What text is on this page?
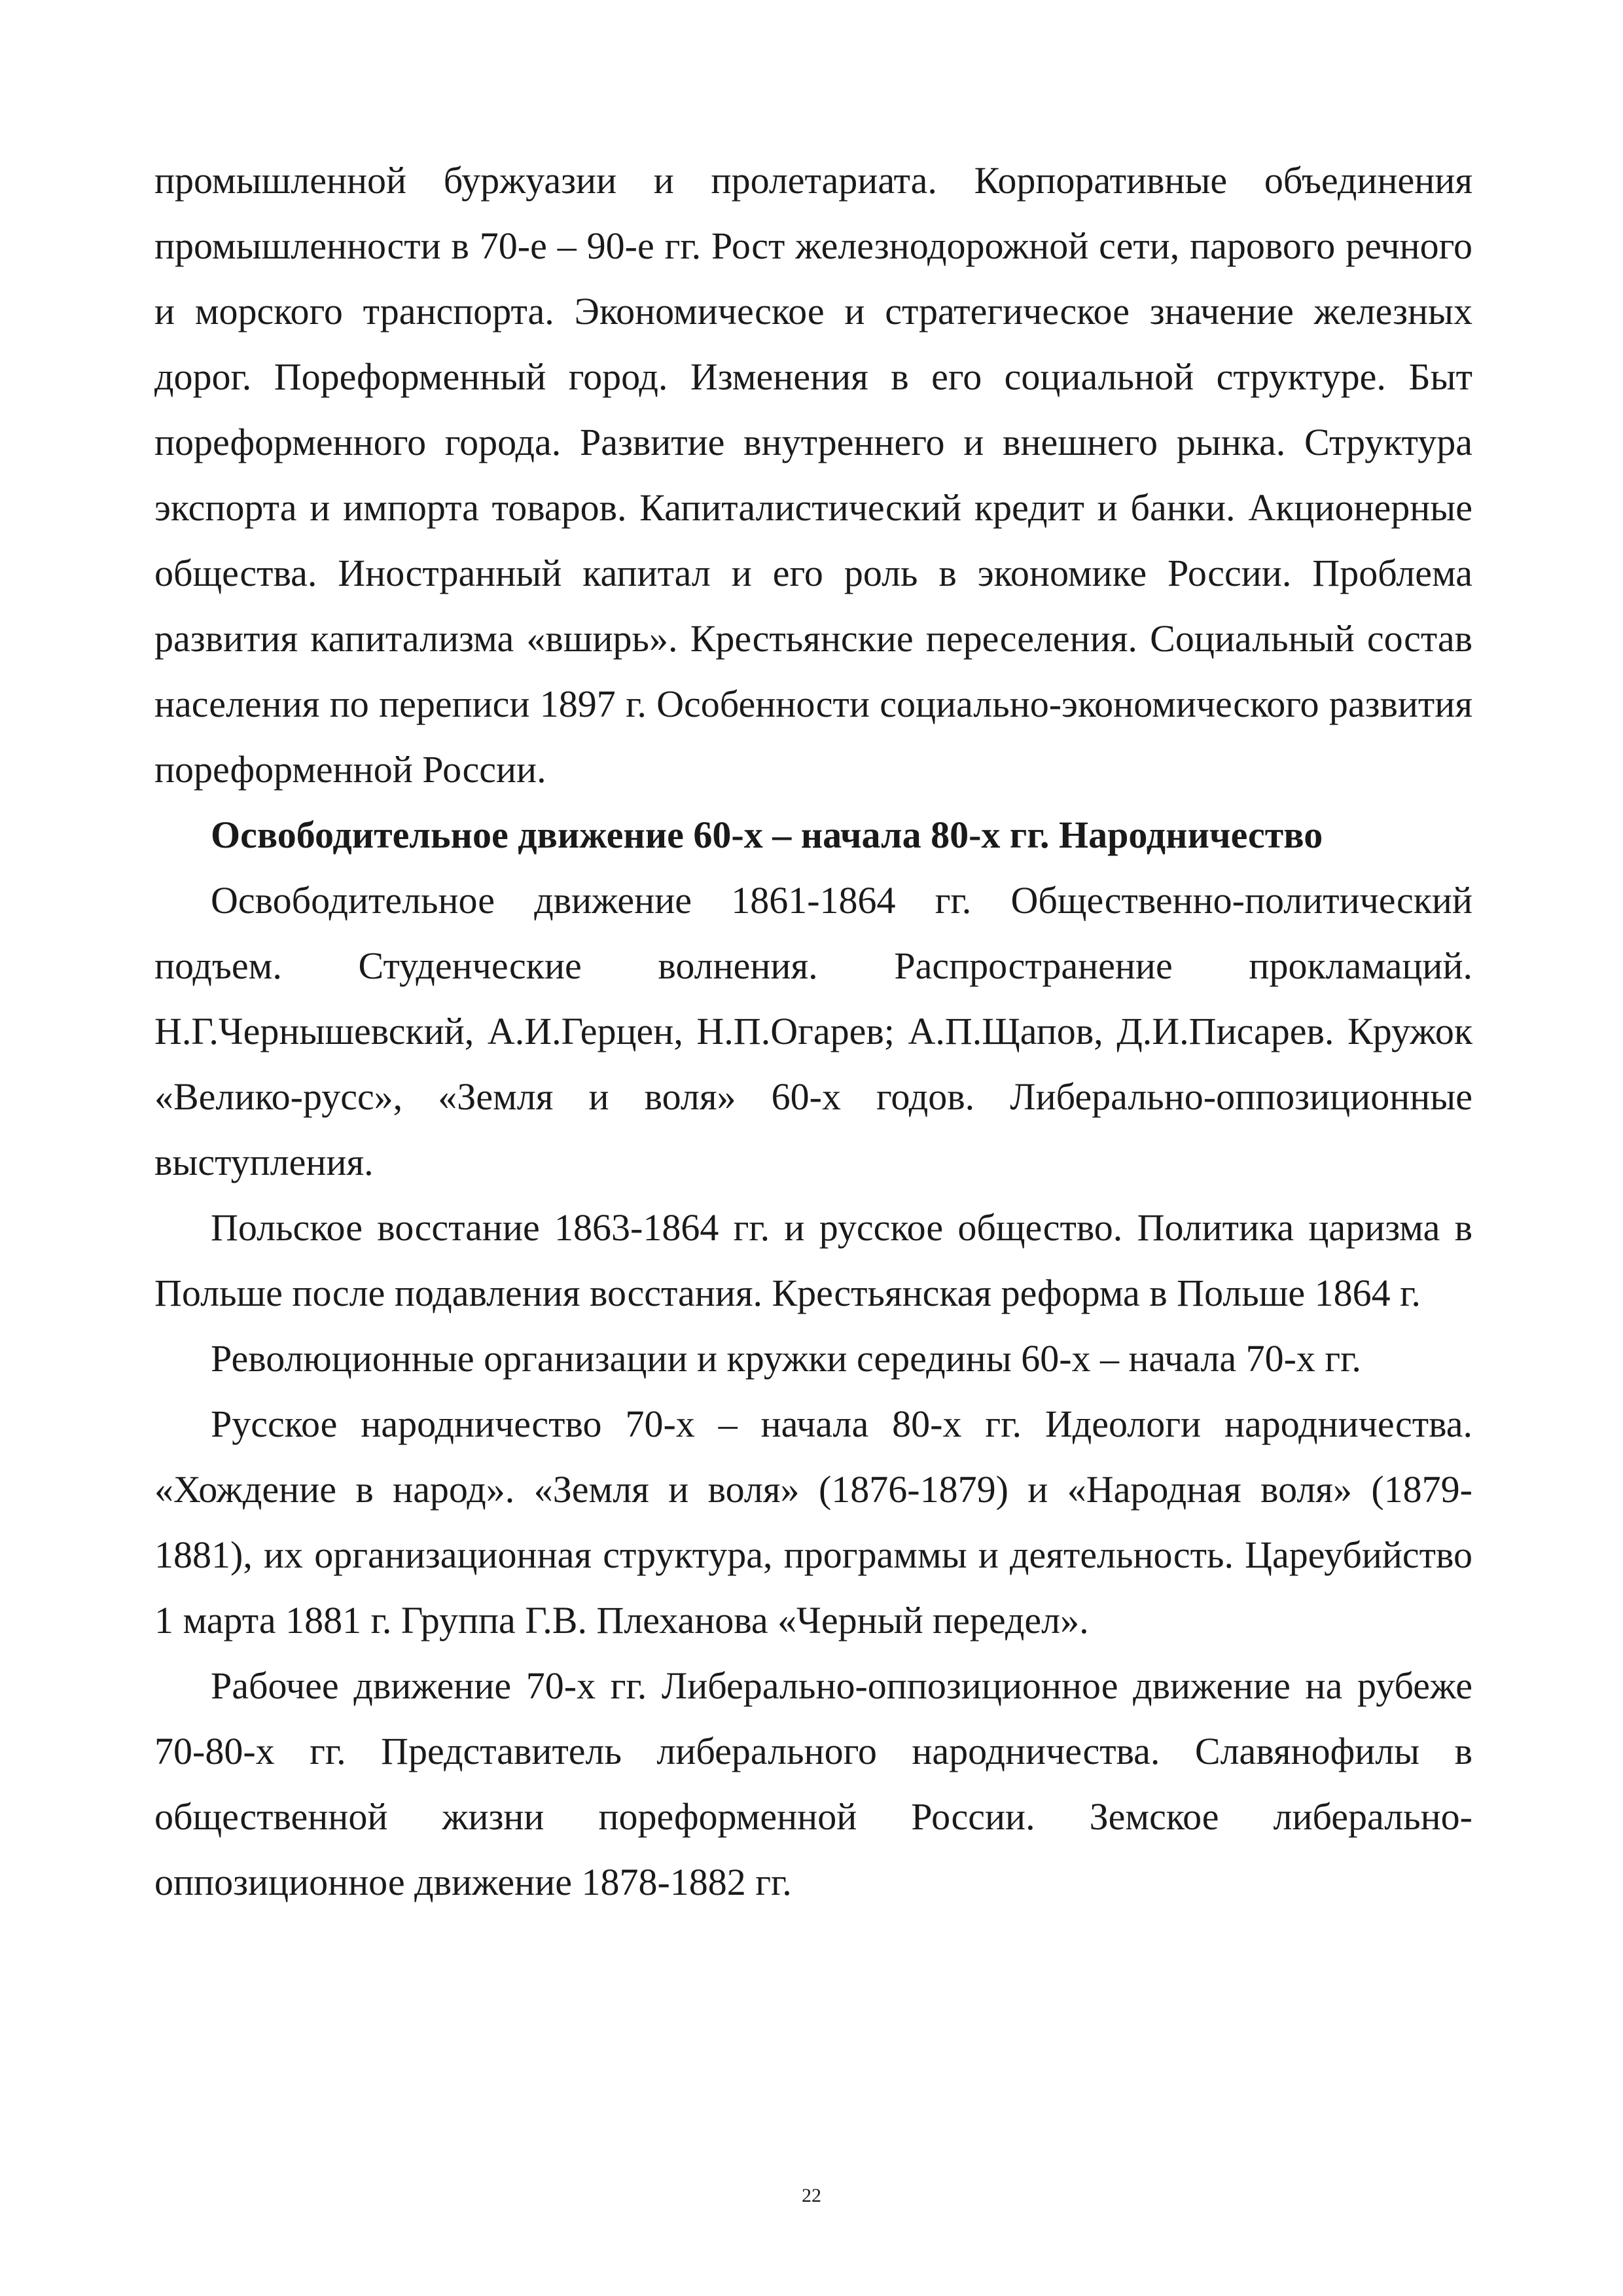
промышленной буржуазии и пролетариата. Корпоративные объединения промышленности в 70-е – 90-е гг. Рост железнодорожной сети, парового речного и морского транспорта. Экономическое и стратегическое значение железных дорог. Пореформенный город. Изменения в его социальной структуре. Быт пореформенного города. Развитие внутреннего и внешнего рынка. Структура экспорта и импорта товаров. Капиталистический кредит и банки. Акционерные общества. Иностранный капитал и его роль в экономике России. Проблема развития капитализма «вширь». Крестьянские переселения. Социальный состав населения по переписи 1897 г. Особенности социально-экономического развития пореформенной России.

Освободительное движение 60-х – начала 80-х гг. Народничество

Освободительное движение 1861-1864 гг. Общественно-политический подъем. Студенческие волнения. Распространение прокламаций. Н.Г.Чернышевский, А.И.Герцен, Н.П.Огарев; А.П.Щапов, Д.И.Писарев. Кружок «Велико-русс», «Земля и воля» 60-х годов. Либерально-оппозиционные выступления.

Польское восстание 1863-1864 гг. и русское общество. Политика царизма в Польше после подавления восстания. Крестьянская реформа в Польше 1864 г.

Революционные организации и кружки середины 60-х – начала 70-х гг.

Русское народничество 70-х – начала 80-х гг. Идеологи народничества. «Хождение в народ». «Земля и воля» (1876-1879) и «Народная воля» (1879-1881), их организационная структура, программы и деятельность. Цареубийство 1 марта 1881 г. Группа Г.В. Плеханова «Черный передел».

Рабочее движение 70-х гг. Либерально-оппозиционное движение на рубеже 70-80-х гг. Представитель либерального народничества. Славянофилы в общественной жизни пореформенной России. Земское либерально-оппозиционное движение 1878-1882 гг.

22
